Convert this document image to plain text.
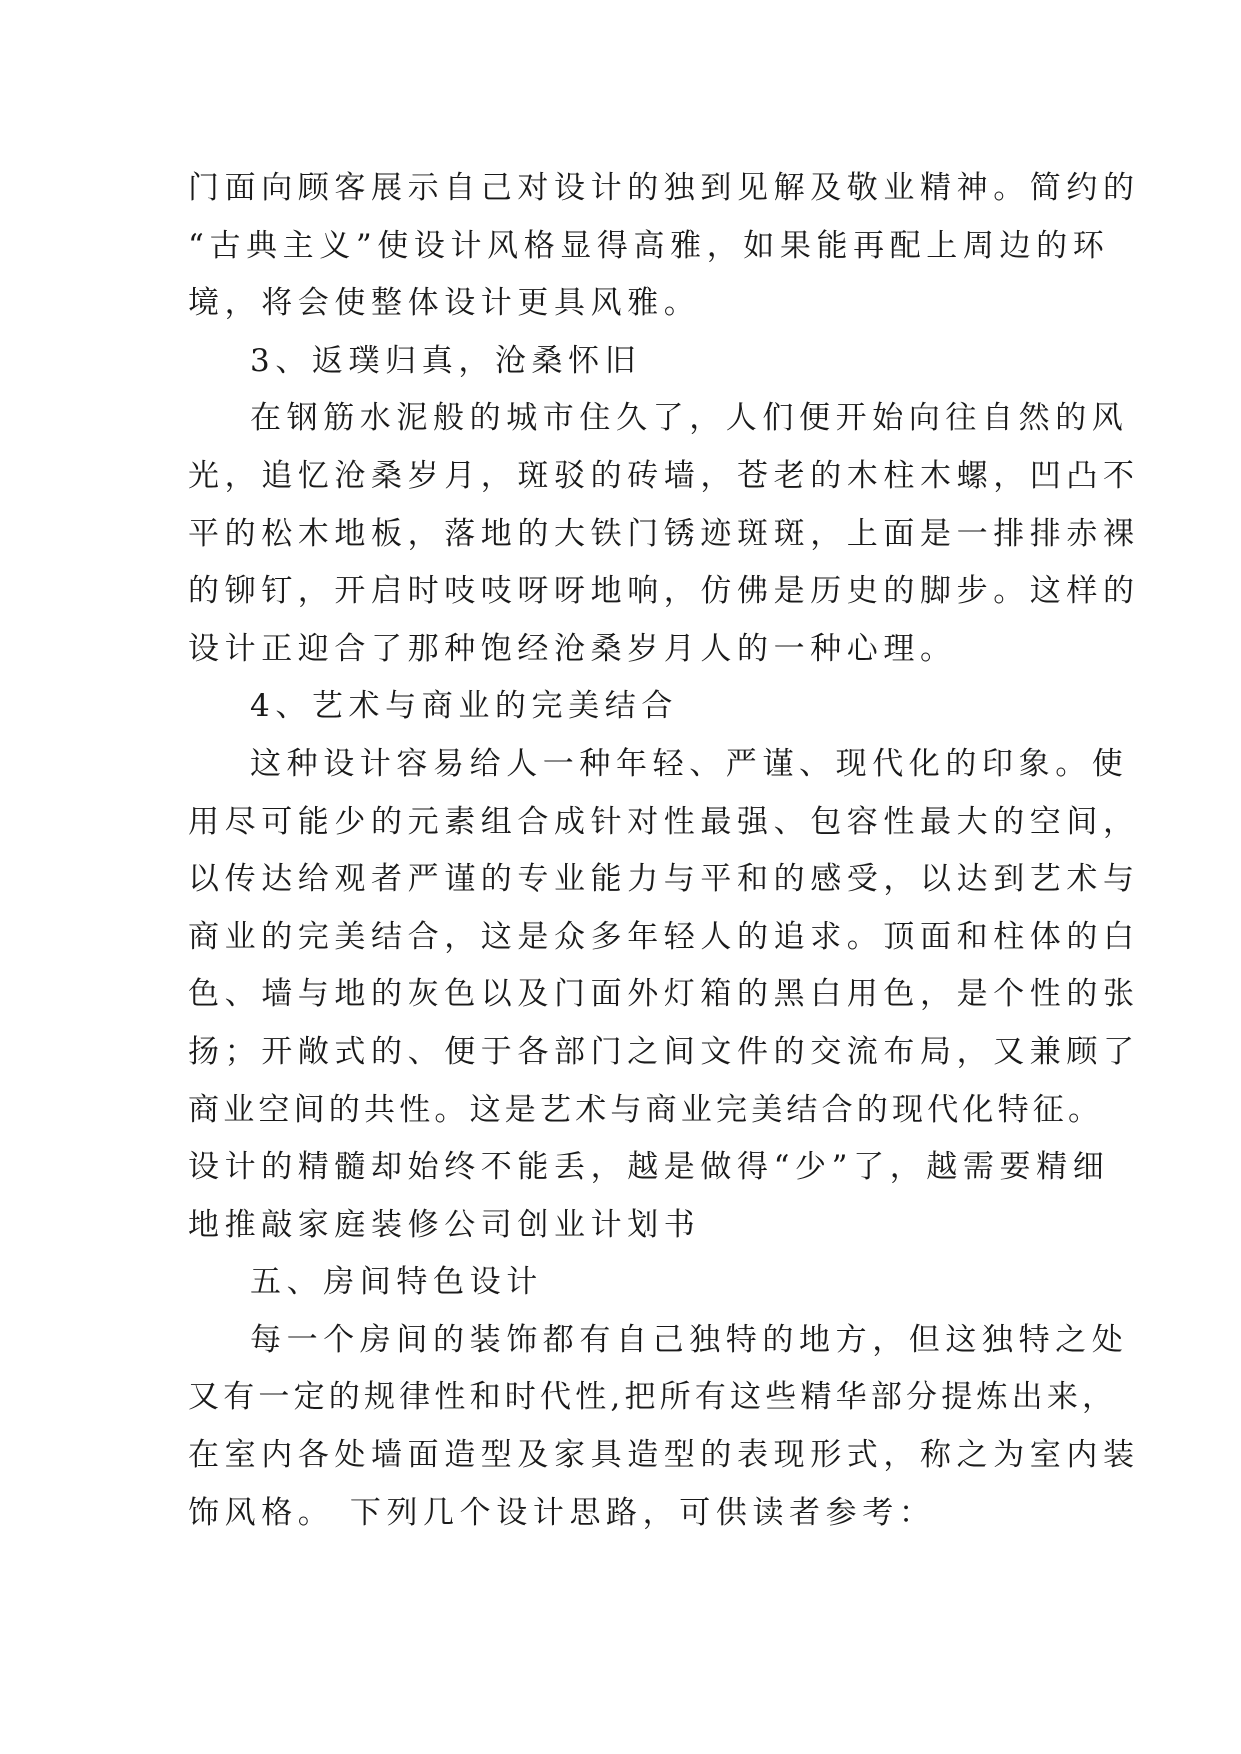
门面向顾客展示自己对设计的独到见解及敬业精神。简约的
“古典主义”使设计风格显得高雅，如果能再配上周边的环
境，将会使整体设计更具风雅。
3、返璞归真，沧桑怀旧
在钢筋水泥般的城市住久了，人们便开始向往自然的风
光，追忆沧桑岁月，斑驳的砖墙，苍老的木柱木螺，凹凸不
平的松木地板，落地的大铁门锈迹斑斑，上面是一排排赤裸
的铆钉，开启时吱吱呀呀地响，仿佛是历史的脚步。这样的
设计正迎合了那种饱经沧桑岁月人的一种心理。
4、艺术与商业的完美结合
这种设计容易给人一种年轻、严谨、现代化的印象。使
用尽可能少的元素组合成针对性最强、包容性最大的空间，
以传达给观者严谨的专业能力与平和的感受，以达到艺术与
商业的完美结合，这是众多年轻人的追求。顶面和柱体的白
色、墙与地的灰色以及门面外灯箱的黑白用色，是个性的张
扬；开敞式的、便于各部门之间文件的交流布局，又兼顾了
商业空间的共性。这是艺术与商业完美结合的现代化特征。
设计的精髓却始终不能丢，越是做得“少”了，越需要精细
地推敲家庭装修公司创业计划书
五、房间特色设计
每一个房间的装饰都有自己独特的地方，但这独特之处
又有一定的规律性和时代性,把所有这些精华部分提炼出来，
在室内各处墙面造型及家具造型的表现形式，称之为室内装
饰风格。 下列几个设计思路，可供读者参考：
